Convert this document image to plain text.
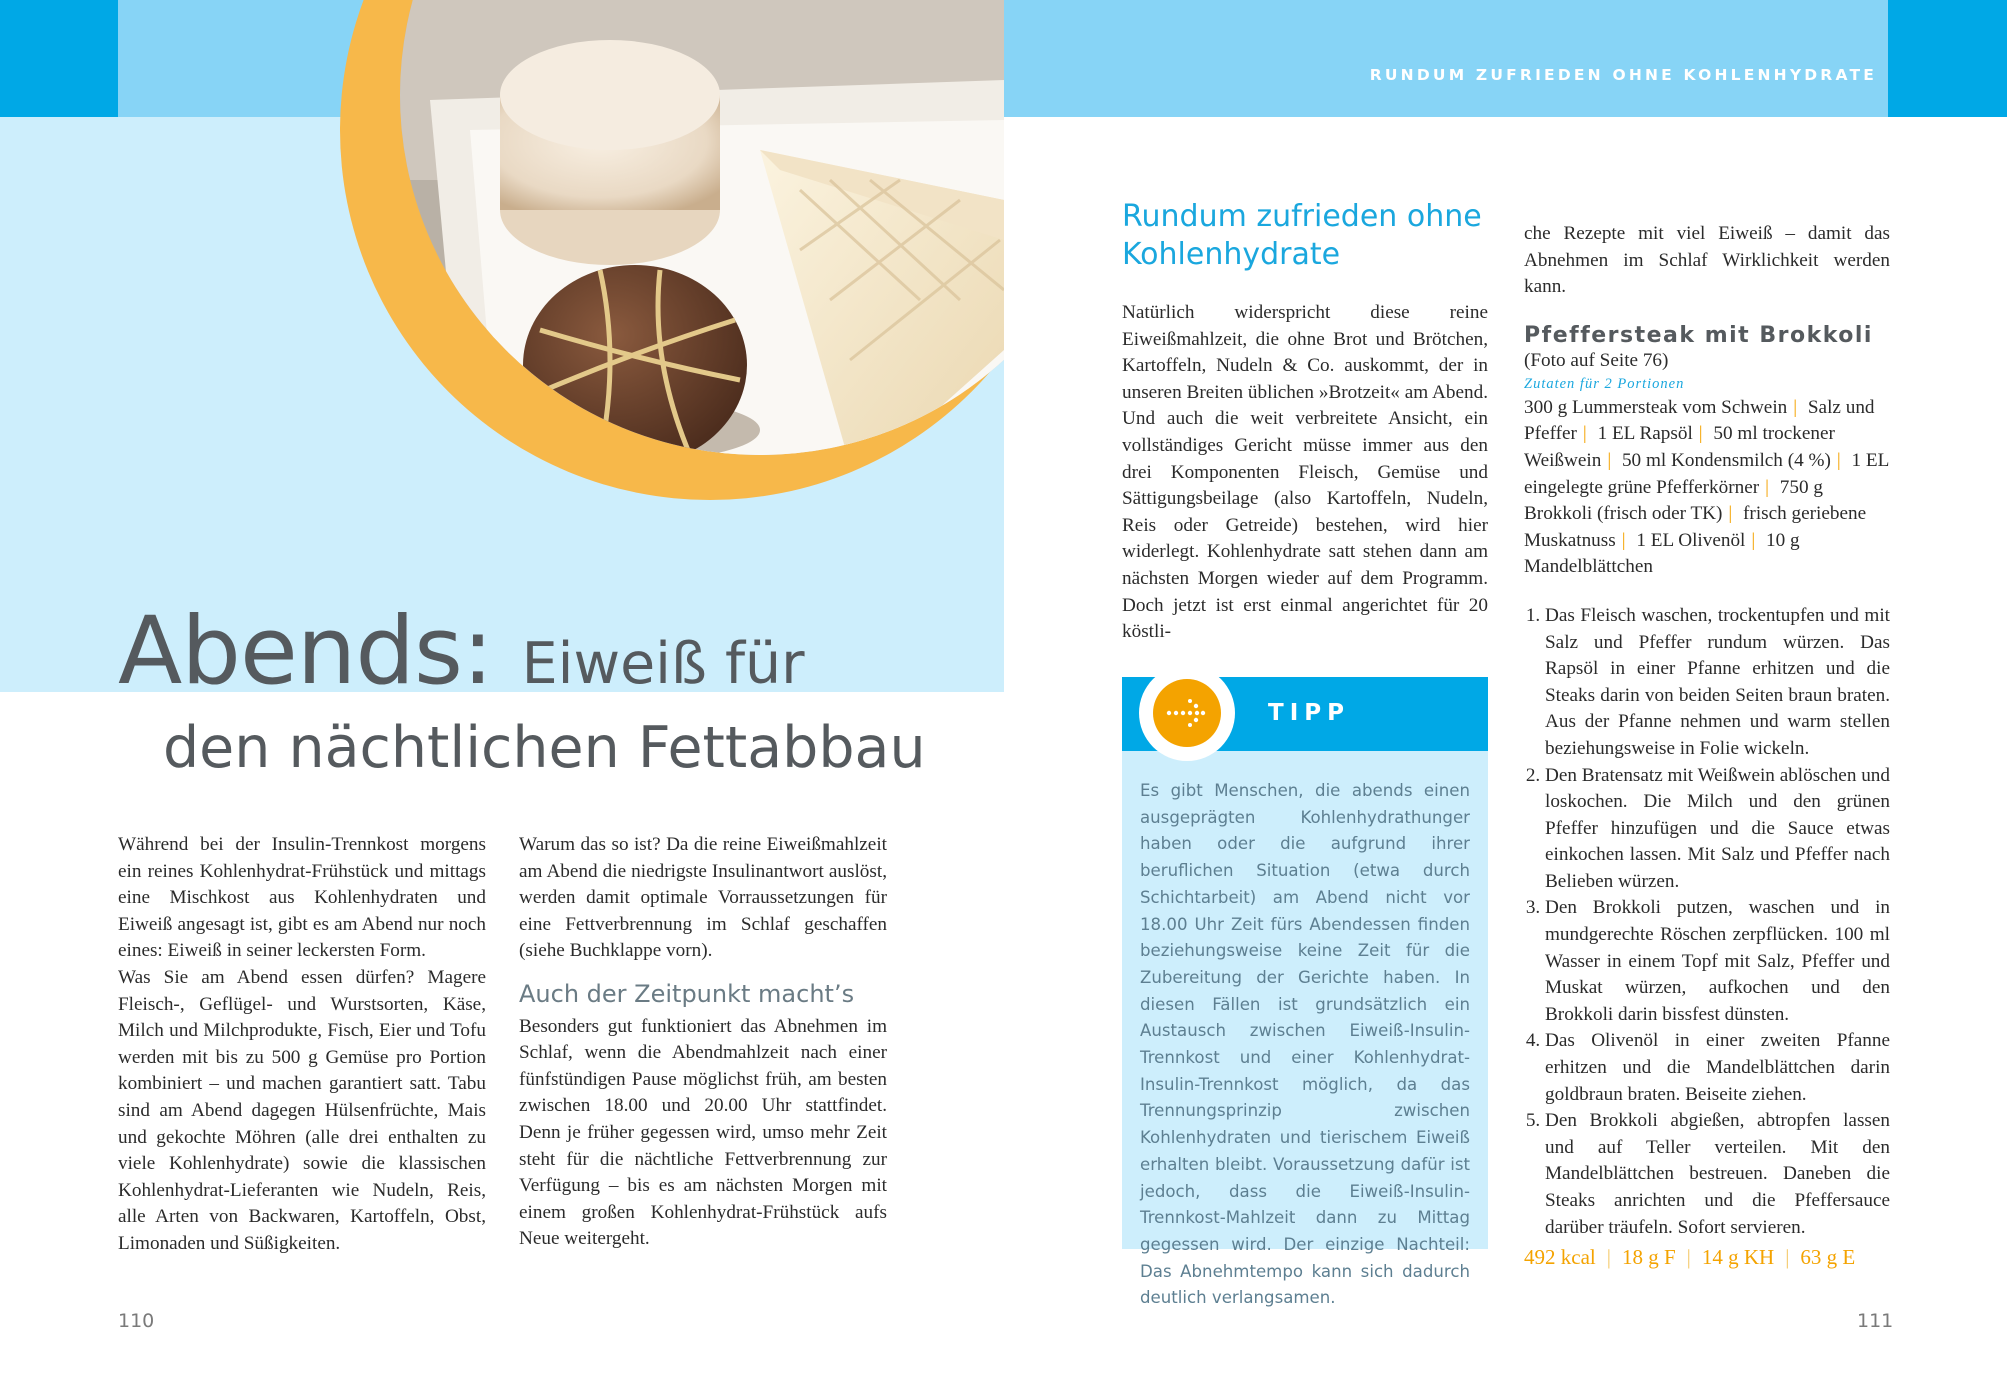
RUNDUM ZUFRIEDEN OHNE KOHLENHYDRATE
Abends: Eiweiß für
den nächtlichen Fettabbau
Während bei der Insulin-Trennkost morgens ein reines Kohlenhydrat-Frühstück und mittags eine Mischkost aus Kohlenhydraten und Eiweiß angesagt ist, gibt es am Abend nur noch eines: Eiweiß in seiner leckersten Form.
Was Sie am Abend essen dürfen? Magere Fleisch-, Geflügel- und Wurstsorten, Käse, Milch und Milchprodukte, Fisch, Eier und Tofu werden mit bis zu 500 g Gemüse pro Portion kombiniert – und machen garantiert satt. Tabu sind am Abend dagegen Hülsenfrüchte, Mais und gekochte Möhren (alle drei enthalten zu viele Kohlenhydrate) sowie die klassischen Kohlenhydrat-Lieferanten wie Nudeln, Reis, alle Arten von Backwaren, Kartoffeln, Obst, Limonaden und Süßigkeiten.
Warum das so ist? Da die reine Eiweißmahlzeit am Abend die niedrigste Insulinantwort auslöst, werden damit optimale Vorraussetzungen für eine Fettverbrennung im Schlaf geschaffen (siehe Buchklappe vorn).
Auch der Zeitpunkt macht’s
Besonders gut funktioniert das Abnehmen im Schlaf, wenn die Abendmahlzeit nach einer fünfstündigen Pause möglichst früh, am besten zwischen 18.00 und 20.00 Uhr stattfindet. Denn je früher gegessen wird, umso mehr Zeit steht für die nächtliche Fettverbrennung zur Verfügung – bis es am nächsten Morgen mit einem großen Kohlenhydrat-Frühstück aufs Neue weitergeht.
110
Rundum zufrieden ohne Kohlenhydrate
Natürlich widerspricht diese reine Eiweißmahlzeit, die ohne Brot und Brötchen, Kartoffeln, Nudeln & Co. auskommt, der in unseren Breiten üblichen »Brotzeit« am Abend. Und auch die weit verbreitete Ansicht, ein vollständiges Gericht müsse immer aus den drei Komponenten Fleisch, Gemüse und Sättigungsbeilage (also Kartoffeln, Nudeln, Reis oder Getreide) bestehen, wird hier widerlegt. Kohlenhydrate satt stehen dann am nächsten Morgen wieder auf dem Programm. Doch jetzt ist erst einmal angerichtet für 20 köstli-
TIPP
Es gibt Menschen, die abends einen ausgeprägten Kohlenhydrathunger haben oder die aufgrund ihrer beruflichen Situation (etwa durch Schichtarbeit) am Abend nicht vor 18.00 Uhr Zeit fürs Abendessen finden beziehungsweise keine Zeit für die Zubereitung der Gerichte haben. In diesen Fällen ist grundsätzlich ein Austausch zwischen Eiweiß-Insulin-Trennkost und einer Kohlenhydrat-Insulin-Trennkost möglich, da das Trennungsprinzip zwischen Kohlenhydraten und tierischem Eiweiß erhalten bleibt. Voraussetzung dafür ist jedoch, dass die Eiweiß-Insulin-Trennkost-Mahlzeit dann zu Mittag gegessen wird. Der einzige Nachteil: Das Abnehmtempo kann sich dadurch deutlich verlangsamen.
che Rezepte mit viel Eiweiß – damit das Abnehmen im Schlaf Wirklichkeit werden kann.
Pfeffersteak mit Brokkoli
(Foto auf Seite 76)
Zutaten für 2 Portionen
300 g Lummersteak vom Schwein | Salz und Pfeffer | 1 EL Rapsöl | 50 ml trockener Weißwein | 50 ml Kondensmilch (4 %) | 1 EL eingelegte grüne Pfefferkörner | 750 g Brokkoli (frisch oder TK) | frisch geriebene Muskatnuss | 1 EL Olivenöl | 10 g Mandelblättchen
1. Das Fleisch waschen, trockentupfen und mit Salz und Pfeffer rundum würzen. Das Rapsöl in einer Pfanne erhitzen und die Steaks darin von beiden Seiten braun braten. Aus der Pfanne nehmen und warm stellen beziehungsweise in Folie wickeln.
2. Den Bratensatz mit Weißwein ablöschen und loskochen. Die Milch und den grünen Pfeffer hinzufügen und die Sauce etwas einkochen lassen. Mit Salz und Pfeffer nach Belieben würzen.
3. Den Brokkoli putzen, waschen und in mundgerechte Röschen zerpflücken. 100 ml Wasser in einem Topf mit Salz, Pfeffer und Muskat würzen, aufkochen und den Brokkoli darin bissfest dünsten.
4. Das Olivenöl in einer zweiten Pfanne erhitzen und die Mandelblättchen darin goldbraun braten. Beiseite ziehen.
5. Den Brokkoli abgießen, abtropfen lassen und auf Teller verteilen. Mit den Mandelblättchen bestreuen. Daneben die Steaks anrichten und die Pfeffersauce darüber träufeln. Sofort servieren.
492 kcal | 18 g F | 14 g KH | 63 g E
111
